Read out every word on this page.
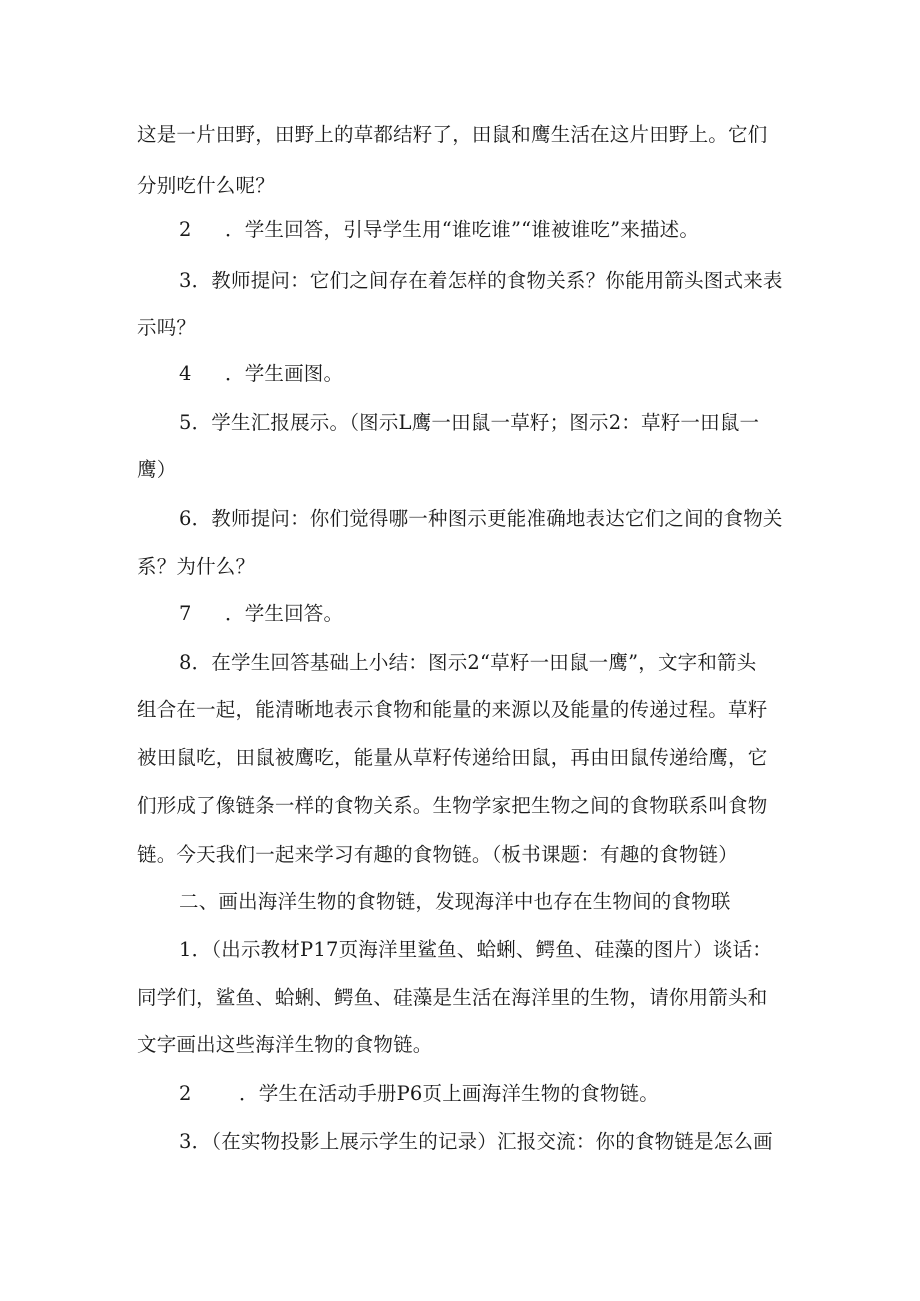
这是一片田野，田野上的草都结籽了，田鼠和鹰生活在这片田野上。它们
分别吃什么呢？
2 ．学生回答，引导学生用“谁吃谁”“谁被谁吃”来描述。
3．教师提问：它们之间存在着怎样的食物关系？你能用箭头图式来表
示吗？
4 ．学生画图。
5．学生汇报展示。（图示L鹰一田鼠一草籽；图示2：草籽一田鼠一
鹰）
6．教师提问：你们觉得哪一种图示更能准确地表达它们之间的食物关
系？为什么？
7 ．学生回答。
8．在学生回答基础上小结：图示2“草籽一田鼠一鹰”，文字和箭头
组合在一起，能清晰地表示食物和能量的来源以及能量的传递过程。草籽
被田鼠吃，田鼠被鹰吃，能量从草籽传递给田鼠，再由田鼠传递给鹰，它
们形成了像链条一样的食物关系。生物学家把生物之间的食物联系叫食物
链。今天我们一起来学习有趣的食物链。（板书课题：有趣的食物链）
二、画出海洋生物的食物链，发现海洋中也存在生物间的食物联
1．（出示教材P17页海洋里鲨鱼、蛤蜊、鳄鱼、硅藻的图片）谈话：
同学们，鲨鱼、蛤蜊、鳄鱼、硅藻是生活在海洋里的生物，请你用箭头和
文字画出这些海洋生物的食物链。
2 ．学生在活动手册P6页上画海洋生物的食物链。
3．（在实物投影上展示学生的记录）汇报交流：你的食物链是怎么画
